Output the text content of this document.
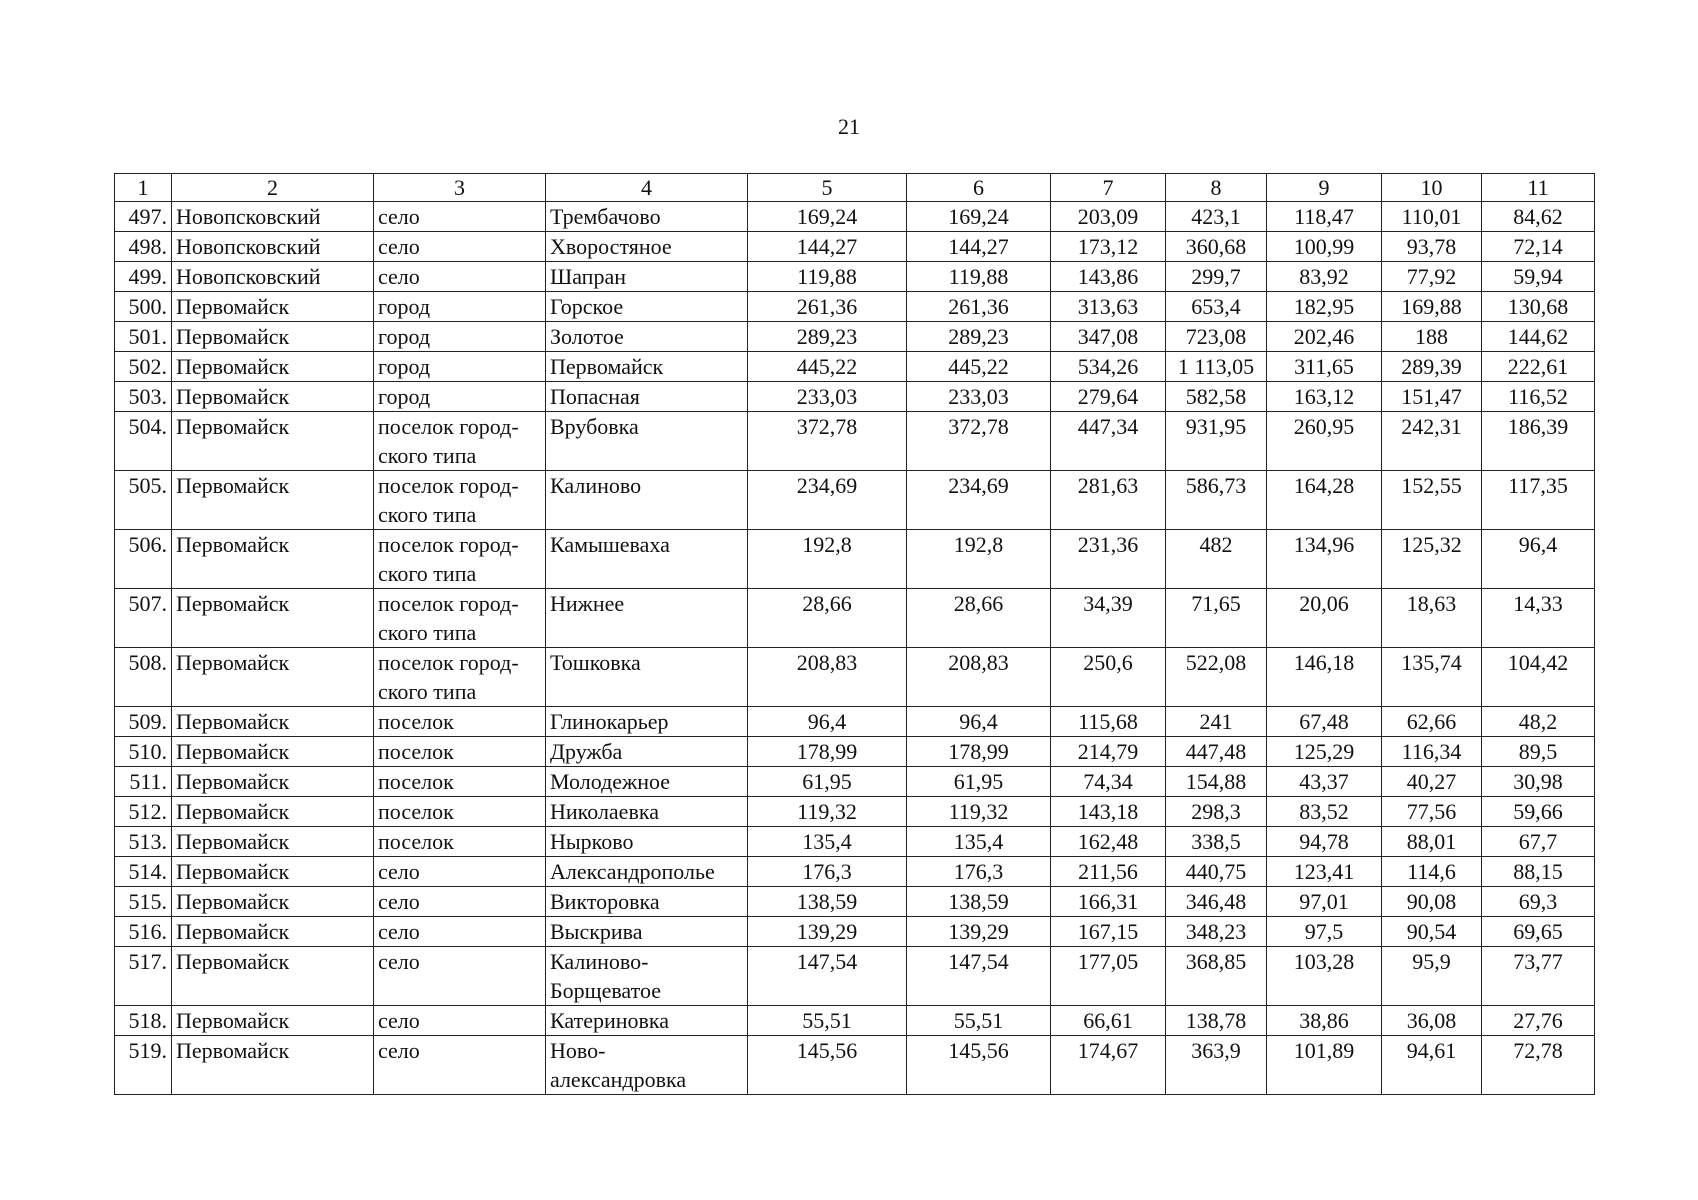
21
1	2	3	4	5	6	7	8	9	10	11
497.	Новопсковский	село	Трембачово	169,24	169,24	203,09	423,1	118,47	110,01	84,62
498.	Новопсковский	село	Хворостяное	144,27	144,27	173,12	360,68	100,99	93,78	72,14
499.	Новопсковский	село	Шапран	119,88	119,88	143,86	299,7	83,92	77,92	59,94
500.	Первомайск	город	Горское	261,36	261,36	313,63	653,4	182,95	169,88	130,68
501.	Первомайск	город	Золотое	289,23	289,23	347,08	723,08	202,46	188	144,62
502.	Первомайск	город	Первомайск	445,22	445,22	534,26	1 113,05	311,65	289,39	222,61
503.	Первомайск	город	Попасная	233,03	233,03	279,64	582,58	163,12	151,47	116,52
504.	Первомайск	поселок город-
ского типа	Врубовка	372,78	372,78	447,34	931,95	260,95	242,31	186,39
505.	Первомайск	поселок город-
ского типа	Калиново	234,69	234,69	281,63	586,73	164,28	152,55	117,35
506.	Первомайск	поселок город-
ского типа	Камышеваха	192,8	192,8	231,36	482	134,96	125,32	96,4
507.	Первомайск	поселок город-
ского типа	Нижнее	28,66	28,66	34,39	71,65	20,06	18,63	14,33
508.	Первомайск	поселок город-
ского типа	Тошковка	208,83	208,83	250,6	522,08	146,18	135,74	104,42
509.	Первомайск	поселок	Глинокарьер	96,4	96,4	115,68	241	67,48	62,66	48,2
510.	Первомайск	поселок	Дружба	178,99	178,99	214,79	447,48	125,29	116,34	89,5
511.	Первомайск	поселок	Молодежное	61,95	61,95	74,34	154,88	43,37	40,27	30,98
512.	Первомайск	поселок	Николаевка	119,32	119,32	143,18	298,3	83,52	77,56	59,66
513.	Первомайск	поселок	Нырково	135,4	135,4	162,48	338,5	94,78	88,01	67,7
514.	Первомайск	село	Александрополье	176,3	176,3	211,56	440,75	123,41	114,6	88,15
515.	Первомайск	село	Викторовка	138,59	138,59	166,31	346,48	97,01	90,08	69,3
516.	Первомайск	село	Выскрива	139,29	139,29	167,15	348,23	97,5	90,54	69,65
517.	Первомайск	село	Калиново-
Борщеватое	147,54	147,54	177,05	368,85	103,28	95,9	73,77
518.	Первомайск	село	Катериновка	55,51	55,51	66,61	138,78	38,86	36,08	27,76
519.	Первомайск	село	Ново-
александровка	145,56	145,56	174,67	363,9	101,89	94,61	72,78
